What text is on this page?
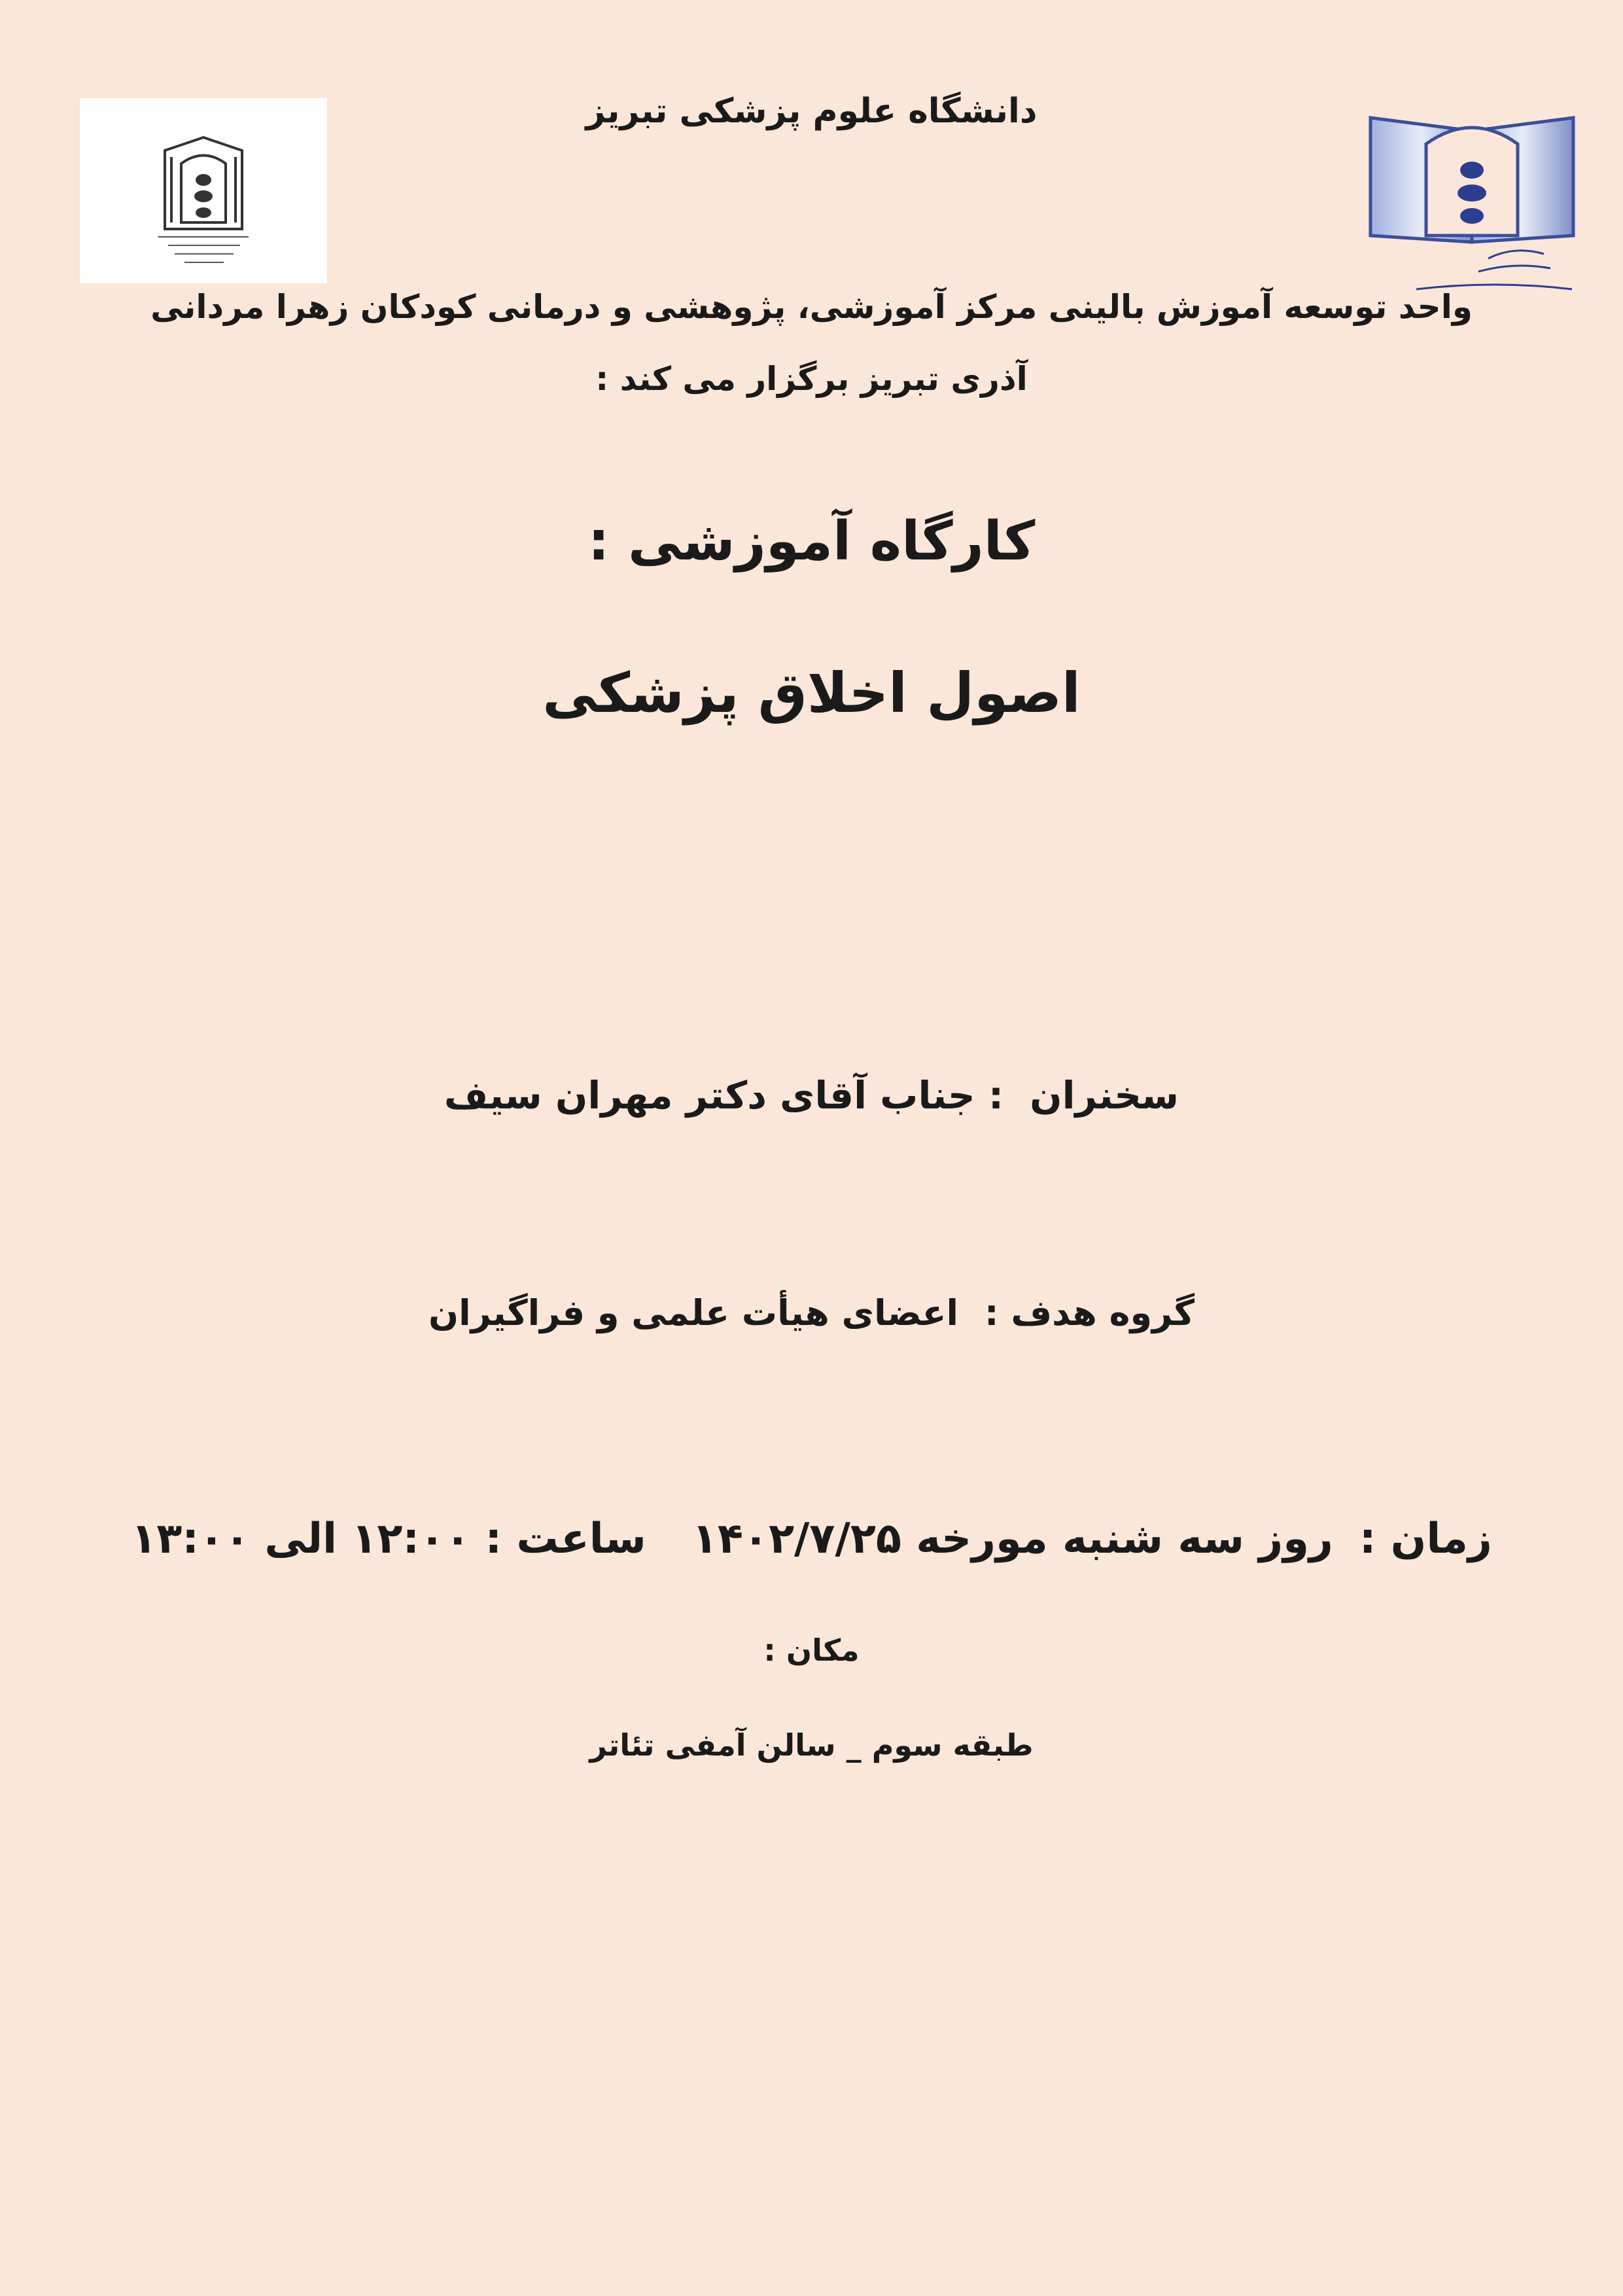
دانشگاه علوم پزشکی تبریز
واحد توسعه آموزش بالینی مرکز آموزشی، پژوهشی و درمانی کودکان زهرا مردانی
آذری تبریز برگزار می کند :
کارگاه آموزشی :
اصول اخلاق پزشکی
سخنران: جناب آقای دکتر مهران سیف
گروه هدف :اعضای هیأت علمی و فراگیران
زمان :روز سه شنبه مورخه ۱۴۰۲/۷/۲۵ساعت : ۱۲:۰۰ الی ۱۳:۰۰
مکان :
طبقه سوم _ سالن آمفی تئاتر
